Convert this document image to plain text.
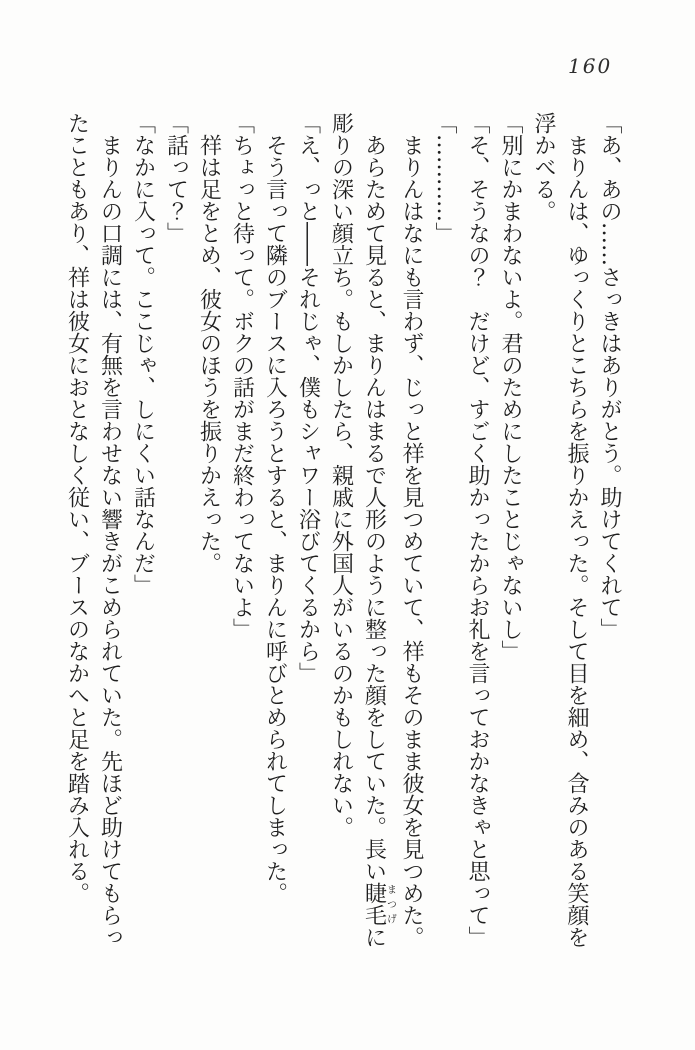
160

「あ、あの……さっきはありがとう。助けてくれて」

まりんは、ゆっくりとこちらを振りかえった。そして目を細め、含みのある笑顔を浮かべる。

「別にかまわないよ。君のためにしたことじゃないし」

「そ、そうなの？　だけど、すごく助かったからお礼を言っておかなきゃと思って」

「…………」

まりんはなにも言わず、じっと祥を見つめていて、祥もそのまま彼女を見つめた。

あらためて見ると、まりんはまるで人形のように整った顔をしていた。長い睫毛まつげに彫りの深い顔立ち。もしかしたら、親戚に外国人がいるのかもしれない。

「え、っと――それじゃ、僕もシャワー浴びてくるから」

そう言って隣のブースに入ろうとすると、まりんに呼びとめられてしまった。

「ちょっと待って。ボクの話がまだ終わってないよ」

祥は足をとめ、彼女のほうを振りかえった。

「話って？」

「なかに入って。ここじゃ、しにくい話なんだ」

まりんの口調には、有無を言わせない響きがこめられていた。先ほど助けてもらったこともあり、祥は彼女におとなしく従い、ブースのなかへと足を踏み入れる。
